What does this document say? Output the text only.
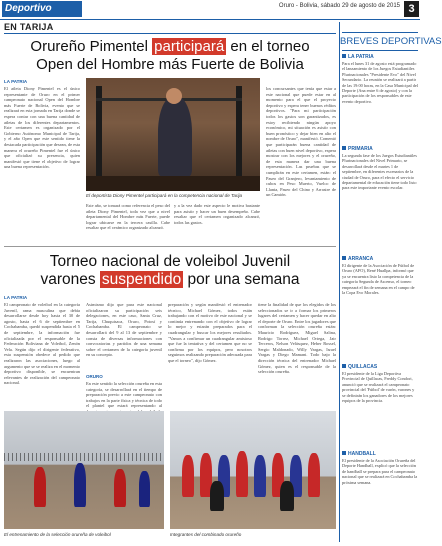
Deportivo	Oruro - Bolivia, sábado 29 de agosto de 2015 3
EN TARIJA
Orureño Pimentel participará en el torneo
Open del Hombre más Fuerte de Bolivia
LA PATRIA
El atleta Diony Pimentel es el único representante de Oruro en el primer campeonato nacional Open del Hombre más Fuerte de Bolivia, evento que se realizará en esta jornada en Tarija donde se espera contar con una buena cantidad de atletas de los diferentes departamentos. Este certamen es organizado por el Gobierno Autónomo Municipal de Tarija, y el año Open que este sentido tiene la destacada participación que desean, de esta manera el orureño Pimentel fue el único que oficializó su presencia, quien manifestó que tiene el objetivo de lograr una buena representación.
El deportista Diony Pimentel participará en la competencia nacional de Tarija
Este año, se tomará como referencia el peso del atleta Diony Pimentel, toda vez que a nivel departamental del Hombre más Fuerte, puede lograr ubicarse en la tercera casilla. Cabe resaltar que el cerámico organizado alcanzó.
y a la vez dado este aspecto le motiva bastante para asistir y hacer un buen desempeño. Cabe resaltar que el certamen organizado alcanzó, todos las gastos.
los concursantes que tenía que estar a este nacional que puede estar en al momento para el que el proyecto deportivo y espera tener buenos réditos deportivos. "Para mi participación todos los gastos son garantizados, es estoy recibiendo ningún apoyo económico, mi situación es asistir con buen pronóstico y dejar bien en alto el nombre de Oruro", manifestó. Comentó que participarán buena cantidad de atletas con buen nivel deportivo, espera mostrar con los mejores y el orureño, de esta manera dar una buena representación. Las pruebas que se cumplirán en este certamen, están: el Paseo del Granjero, levantamiento de cubos en Peso Muerto, Vuelco de Llanta, Paseo del Chino y Arrastre de un Camión.
Torneo nacional de voleibol Juvenil
varones suspendido por una semana
LA PATRIA
El campeonato de voleibol en la categoría Juvenil, rama masculina que debía desarrollarse desde hoy hasta el 30 de agosto, hasta el 6 de septiembre en Cochabamba, quedó suspendida hasta el 5 de septiembre, la información fue oficializada por el responsable de la Federación Boliviana de Voleibol, Zenón Vela. Según dijo el dirigente federativo, esta suspensión obedece al pedido que realizaron las asociaciones, luego al argumento que se se realiza en el momento deportivo disponible, se encuentran relevantes de realización del campeonato nacional.
Asimismo dijo que para este nacional oficializaron su participación seis delegaciones, en este caso, Santa Cruz, Tarija, Chuquisaca, Oruro, Potosí y Cochabamba. El campeonato se desarrollará del 9 al 13 de septiembre y consta de diversas informaciones con convocatorias y partidos de una semana sobre el certamen de la categoría juvenil en su concepto.
ORURO
En este sentido la selección orureña en esta categoría, se desarrollará en el tiempo de preparación previo a este campeonato con trabajos en la parte física y técnica de todo el plantel que estará representando al
preparación y según manifestó el entrenador técnico, Michael Gómez, todos están trabajando con el motivo de este nacional y se continúa entrenando con el objetivo de lograr lo mejor y estarán preparados para el cuadrangular y buscar los mejores resultados. "Vamos a confirmar un cuadrangular amistoso que fue la tentativa y del certamen que no se confirma por los equipos, pero nosotros seguimos realizando preparación adecuada para que el torneo", dijo Gómez.
tiene la finalidad de que los elegidos de los seleccionados se ir a formar los primeros lugares del certamen y hacer quedar en alto el deporte de Oruro. Entre los jugadores que conforman la selección orureña están: Mauricio Rodríguez, Miguel Salina, Rodrigo Torrez, Michael Ortega, Jair Terceros, Nelson Velásquez, Heber Rossel, Sergio Maldonado, Willy Vargas, Israel Vargas y Diego Mamani. Todo bajo la dirección técnica del entrenador Michael Gómez, quien es el responsable de la selección orureña.
El entrenamiento de la selección orureña de voleibol	Integrantes del combinado orureño
BREVES DEPORTIVAS
LA PATRIA
Para el lunes 31 de agosto está programado el lanzamiento de los Juegos Estudiantiles Plurinacionales "Presidente Evo" del Nivel Secundario. La reunión se realizará a partir de las 19:00 horas, en la Casa Municipal del Deporte (Ana entre 6 de agosto) y con la participación de los responsables de este evento deportivo.
PRIMARIA
La segunda fase de los Juegos Estudiantiles Plurinacionales del Nivel Primario, se desarrollará desde el martes 1 de septiembre, en diferentes escenarios de la ciudad de Oruro, para el efecto el servicio departamental de educación tiene todo listo para este importante evento escolar.
ARRANCA
El dirigente de la Asociación de Fútbol de Oruro (AFO), René Huallpa, informó que ya se encuentra listo la competencia de la categoría Segunda de Ascenso, el torneo empezará el fin de semana en el campo de la Copa Evo Morales.
QUILLACAS
El presidente de la Liga Deportiva Provincial de Quillacas, Freddy Condori, anunció que se realizará el campeonato provincial del 'Fútbol' de varón, varones y se definirán los ganadores de los mejores equipos de la provincia.
HANDBALL
El presidente de la Asociación Orureña del Deporte Handball, explicó que la selección de handball se prepara para el campeonato nacional que se realizará en Cochabamba la próxima semana.
